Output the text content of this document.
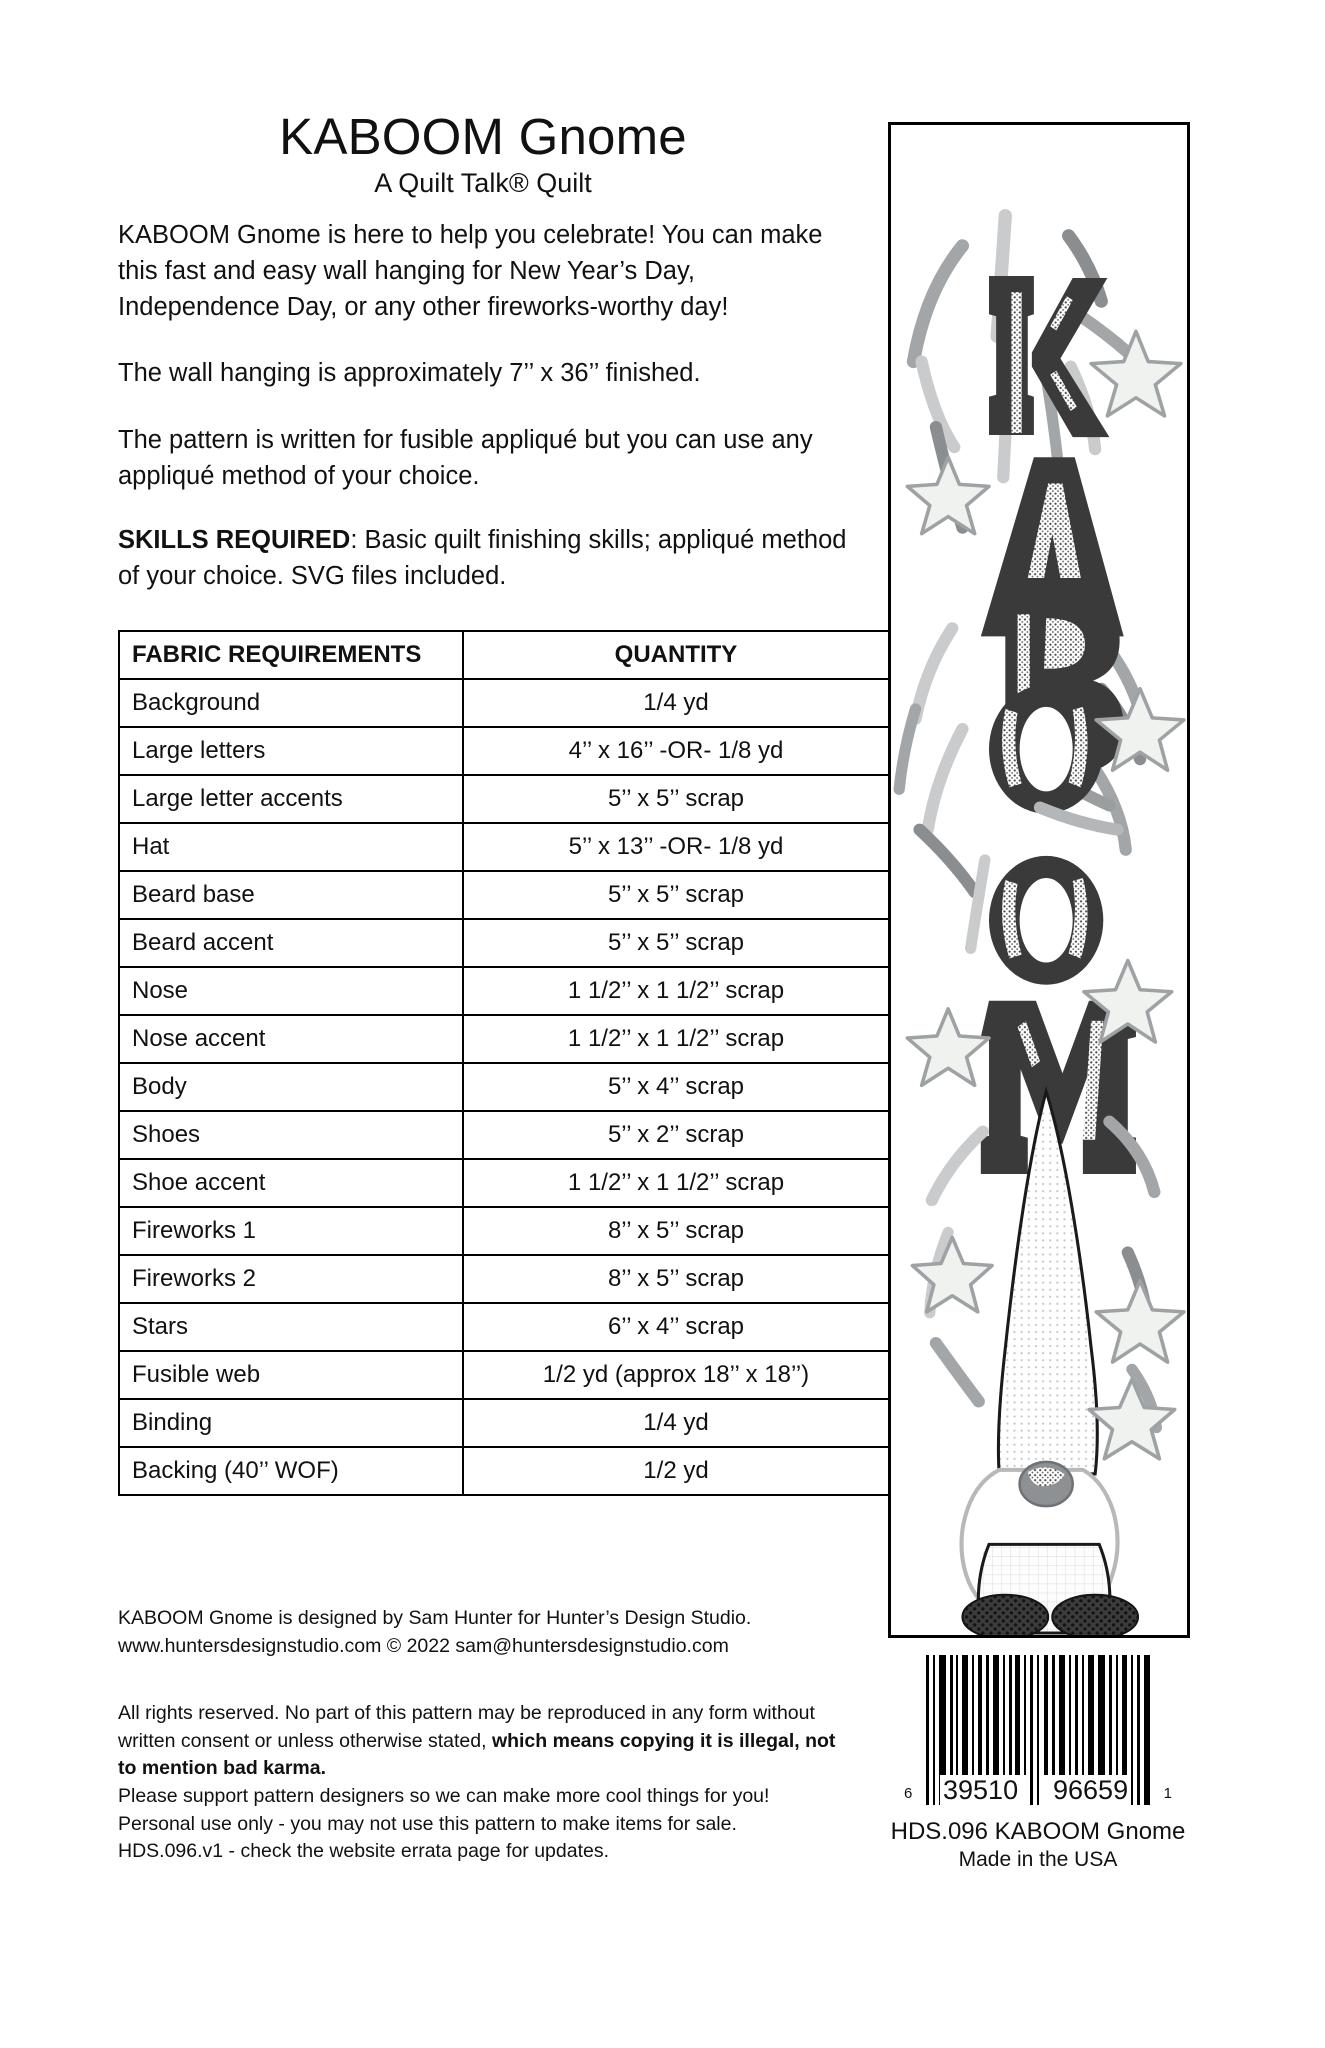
KABOOM Gnome
A Quilt Talk® Quilt

KABOOM Gnome is here to help you celebrate! You can make this fast and easy wall hanging for New Year’s Day, Independence Day, or any other fireworks-worthy day!

The wall hanging is approximately 7’’ x 36’’ finished.

The pattern is written for fusible appliqué but you can use any appliqué method of your choice.

SKILLS REQUIRED: Basic quilt finishing skills; appliqué method of your choice. SVG files included.

FABRIC REQUIREMENTS	QUANTITY
Background	1/4 yd
Large letters	4’’ x 16’’ -OR- 1/8 yd
Large letter accents	5’’ x 5’’ scrap
Hat	5’’ x 13’’ -OR- 1/8 yd
Beard base	5’’ x 5’’ scrap
Beard accent	5’’ x 5’’ scrap
Nose	1 1/2’’ x 1 1/2’’ scrap
Nose accent	1 1/2’’ x 1 1/2’’ scrap
Body	5’’ x 4’’ scrap
Shoes	5’’ x 2’’ scrap
Shoe accent	1 1/2’’ x 1 1/2’’ scrap
Fireworks 1	8’’ x 5’’ scrap
Fireworks 2	8’’ x 5’’ scrap
Stars	6’’ x 4’’ scrap
Fusible web	1/2 yd (approx 18’’ x 18’’)
Binding	1/4 yd
Backing (40’’ WOF)	1/2 yd

KABOOM Gnome is designed by Sam Hunter for Hunter’s Design Studio.

www.huntersdesignstudio.com © 2022 sam@huntersdesignstudio.com

All rights reserved. No part of this pattern may be reproduced in any form without written consent or unless otherwise stated, which means copying it is illegal, not to mention bad karma.

Please support pattern designers so we can make more cool things for you!

Personal use only - you may not use this pattern to make items for sale.

HDS.096.v1 - check the website errata page for updates.

6 39510 96659 1
HDS.096 KABOOM Gnome
Made in the USA
